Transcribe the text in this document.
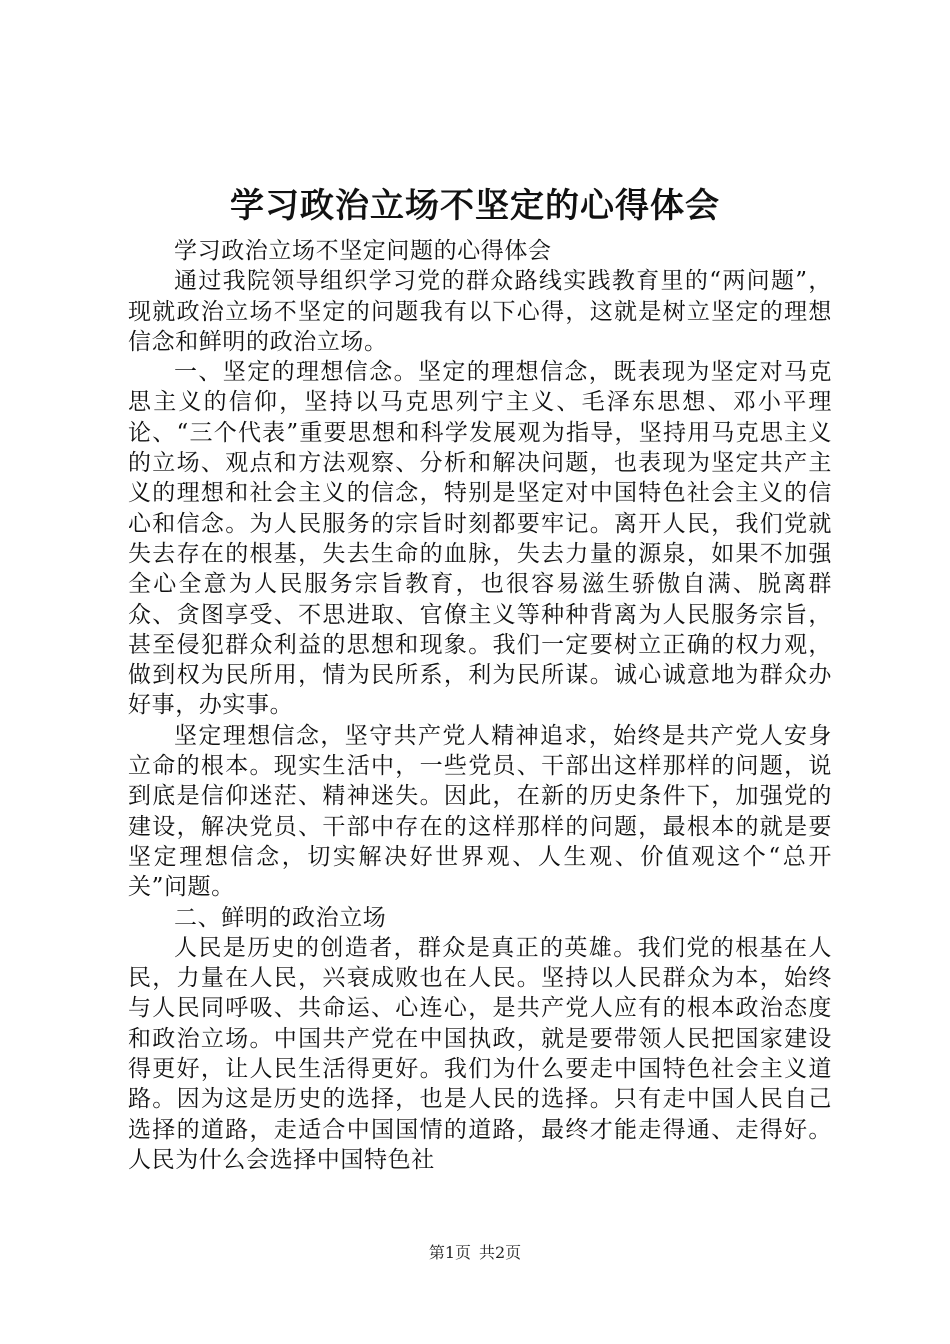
学习政治立场不坚定的心得体会

学习政治立场不坚定问题的心得体会

通过我院领导组织学习党的群众路线实践教育里的“两问题”，现就政治立场不坚定的问题我有以下心得，这就是树立坚定的理想信念和鲜明的政治立场。

一、坚定的理想信念。坚定的理想信念，既表现为坚定对马克思主义的信仰，坚持以马克思列宁主义、毛泽东思想、邓小平理论、“三个代表”重要思想和科学发展观为指导，坚持用马克思主义的立场、观点和方法观察、分析和解决问题，也表现为坚定共产主义的理想和社会主义的信念，特别是坚定对中国特色社会主义的信心和信念。为人民服务的宗旨时刻都要牢记。离开人民，我们党就失去存在的根基，失去生命的血脉，失去力量的源泉，如果不加强全心全意为人民服务宗旨教育，也很容易滋生骄傲自满、脱离群众、贪图享受、不思进取、官僚主义等种种背离为人民服务宗旨，甚至侵犯群众利益的思想和现象。我们一定要树立正确的权力观，做到权为民所用，情为民所系，利为民所谋。诚心诚意地为群众办好事，办实事。

坚定理想信念，坚守共产党人精神追求，始终是共产党人安身立命的根本。现实生活中，一些党员、干部出这样那样的问题，说到底是信仰迷茫、精神迷失。因此，在新的历史条件下，加强党的建设，解决党员、干部中存在的这样那样的问题，最根本的就是要坚定理想信念，切实解决好世界观、人生观、价值观这个“总开关”问题。

二、鲜明的政治立场

人民是历史的创造者，群众是真正的英雄。我们党的根基在人民，力量在人民，兴衰成败也在人民。坚持以人民群众为本，始终与人民同呼吸、共命运、心连心，是共产党人应有的根本政治态度和政治立场。中国共产党在中国执政，就是要带领人民把国家建设得更好，让人民生活得更好。我们为什么要走中国特色社会主义道路。因为这是历史的选择，也是人民的选择。只有走中国人民自己选择的道路，走适合中国国情的道路，最终才能走得通、走得好。人民为什么会选择中国特色社

第1页 共2页
